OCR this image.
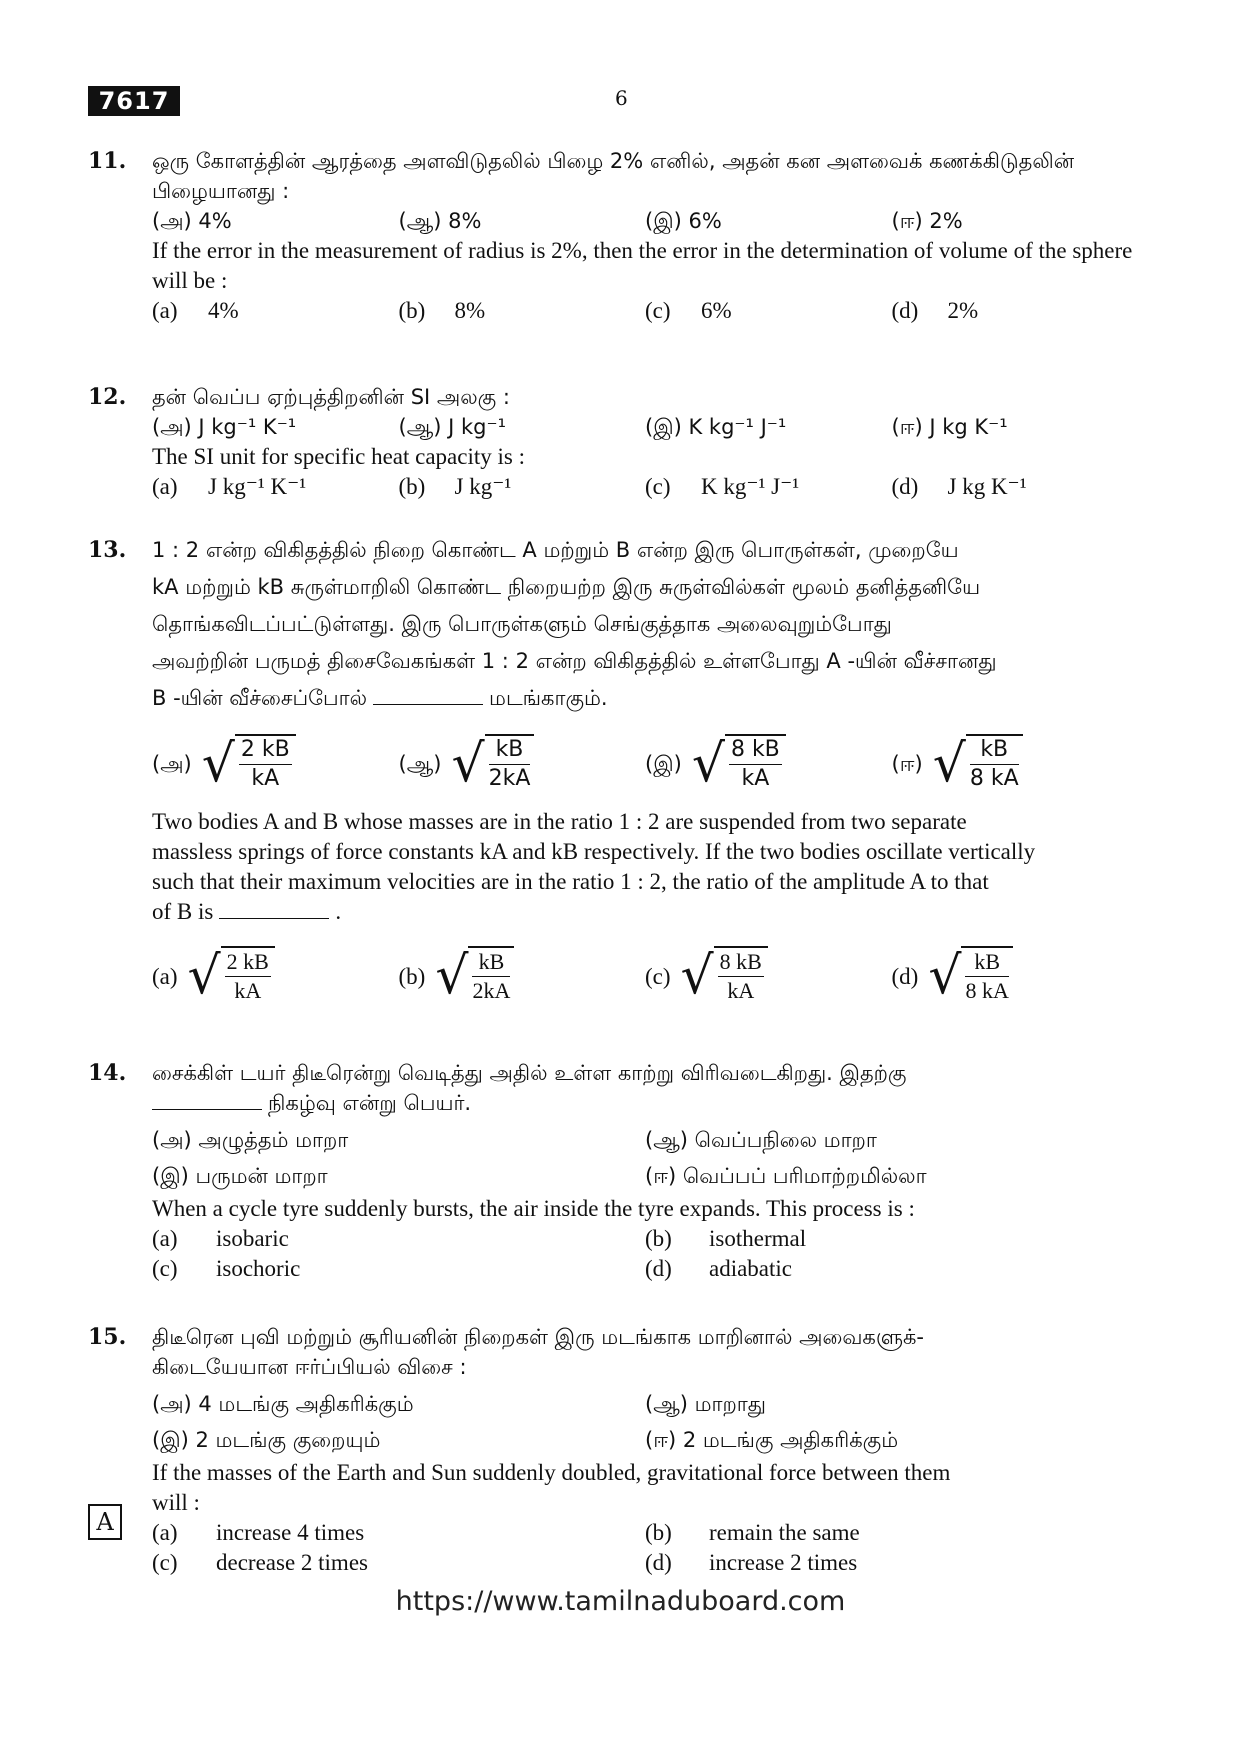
7617	6
11. ஒரு கோளத்தின் ஆரத்தை அளவிடுதலில் பிழை 2% எனில், அதன் கன அளவைக் கணக்கிடுதலின் பிழையானது :
(அ) 4%	(ஆ) 8%	(இ) 6%	(ஈ) 2%
If the error in the measurement of radius is 2%, then the error in the determination of volume of the sphere will be :
(a) 4%	(b) 8%	(c) 6%	(d) 2%
12. தன் வெப்ப ஏற்புத்திறனின் SI அலகு :
(அ) J kg⁻¹ K⁻¹	(ஆ) J kg⁻¹	(இ) K kg⁻¹ J⁻¹	(ஈ) J kg K⁻¹
The SI unit for specific heat capacity is :
(a) J kg⁻¹ K⁻¹	(b) J kg⁻¹	(c) K kg⁻¹ J⁻¹	(d) J kg K⁻¹
13. 1 : 2 என்ற விகிதத்தில் நிறை கொண்ட A மற்றும் B என்ற இரு பொருள்கள், முறையே
kA மற்றும் kB சுருள்மாறிலி கொண்ட நிறையற்ற இரு சுருள்வில்கள் மூலம் தனித்தனியே
தொங்கவிடப்பட்டுள்ளது. இரு பொருள்களும் செங்குத்தாக அலைவுறும்போது
அவற்றின் பருமத் திசைவேகங்கள் 1 : 2 என்ற விகிதத்தில் உள்ளபோது A -யின் வீச்சானது
B -யின் வீச்சைப்போல்	மடங்காகும்.
(அ) √ $\frac{2 kB}{kA}$	(ஆ) √ $\frac{kB}{2kA}$	(இ) √ $\frac{8 kB}{kA}$	(ஈ) √ $\frac{kB}{8 kA}$
Two bodies A and B whose masses are in the ratio 1 : 2 are suspended from two separate
massless springs of force constants kA and kB respectively. If the two bodies oscillate vertically
such that their maximum velocities are in the ratio 1 : 2, the ratio of the amplitude A to that
of B is	.
(a) √ $\frac{2 kB}{kA}$	(b) √ $\frac{kB}{2kA}$	(c) √ $\frac{8 kB}{kA}$	(d) √ $\frac{kB}{8 kA}$
14. சைக்கிள் டயர் திடீரென்று வெடித்து அதில் உள்ள காற்று விரிவடைகிறது. இதற்கு
நிகழ்வு என்று பெயர்.
(அ) அழுத்தம் மாறா	(ஆ) வெப்பநிலை மாறா
(இ) பருமன் மாறா	(ஈ) வெப்பப் பரிமாற்றமில்லா
When a cycle tyre suddenly bursts, the air inside the tyre expands. This process is :
(a) isobaric	(b) isothermal
(c) isochoric	(d) adiabatic
15. திடீரென புவி மற்றும் சூரியனின் நிறைகள் இரு மடங்காக மாறினால் அவைகளுக்-
கிடையேயான ஈர்ப்பியல் விசை :
(அ) 4 மடங்கு அதிகரிக்கும்	(ஆ) மாறாது
(இ) 2 மடங்கு குறையும்	(ஈ) 2 மடங்கு அதிகரிக்கும்
If the masses of the Earth and Sun suddenly doubled, gravitational force between them
will :
(a) increase 4 times	(b) remain the same
(c) decrease 2 times	(d) increase 2 times
A
https://www.tamilnaduboard.com
